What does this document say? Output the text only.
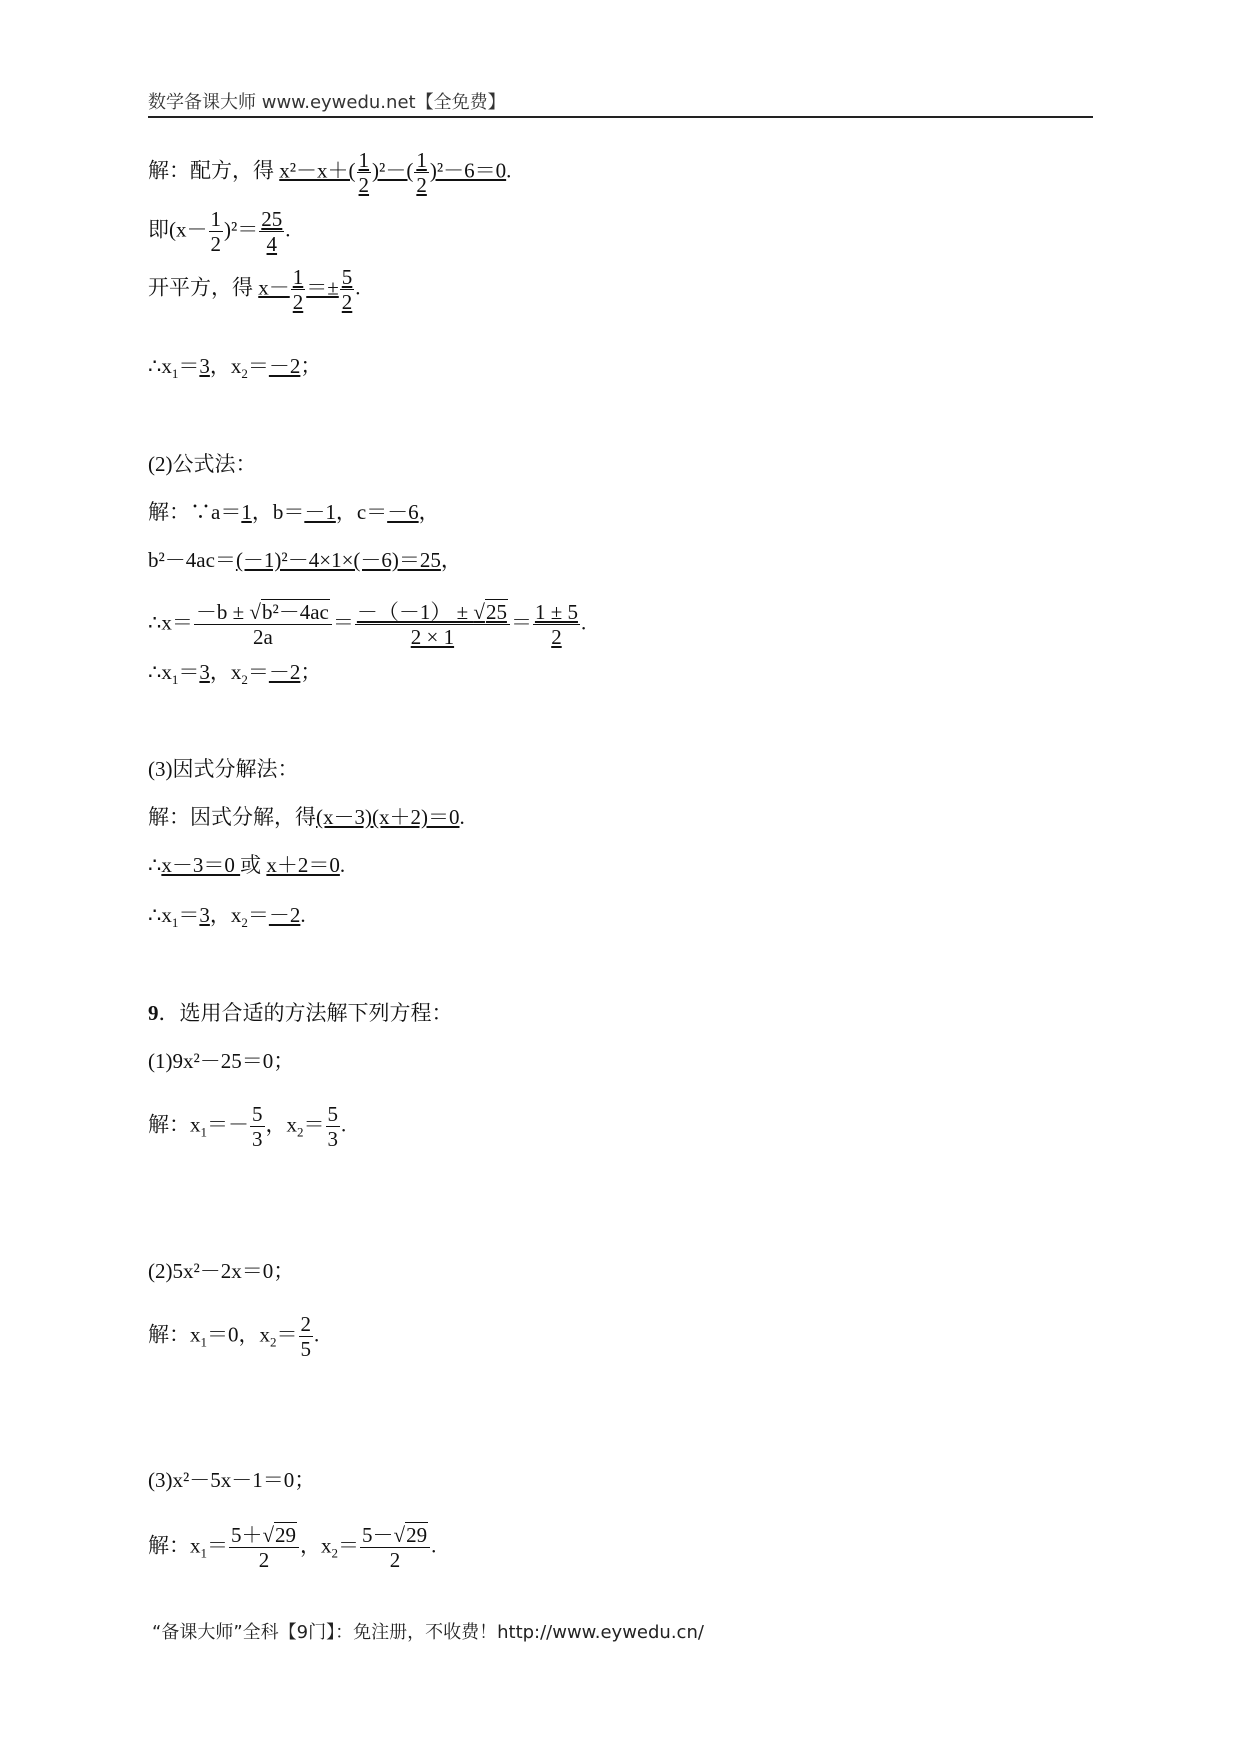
数学备课大师 www.eywedu.net【全免费】
解：配方，得 $x^2-x+( \frac{1}{2} )^2-( \frac{1}{2} )^2-6=0$.
即$(x- \frac{1}{2} )^2= \frac{25}{4}$ .
开平方，得 $x- \frac{1}{2} =\pm \frac{5}{2}$ .
$\therefore x_1=3$，$x_2=-2$；
(2)公式法：
解：∵a＝1，b＝－1，c＝－6，
b²－4ac＝(－1)²－4×1×(－6)＝25，
∴x＝ $\frac{\text{－b ± √b²－4ac}}{2a} = \frac{-(-1) \pm √25}{2 \times 1} = \frac{1 \pm 5}{2}$ .
$\therefore x_1=3$，$x_2=-2$；
(3)因式分解法：
解：因式分解，得(x－3)(x＋2)＝0.
∴x－3＝0 或 x＋2＝0.
$\therefore x_1=3$，$x_2=-2$.
9．选用合适的方法解下列方程：
(1)9x²－25＝0；
解：$x_1=- \frac{5}{3}$ ，$x_2= \frac{5}{3}$ .
(2)5x²－2x＝0；
解：$x_1=0$，$x_2= \frac{2}{5}$ .
(3)x²－5x－1＝0；
解：$x_1= \frac{5+√29}{2}$ ，$x_2= \frac{5-√29}{2}$ .
“备课大师”全科【9门】：免注册，不收费！http://www.eywedu.cn/
